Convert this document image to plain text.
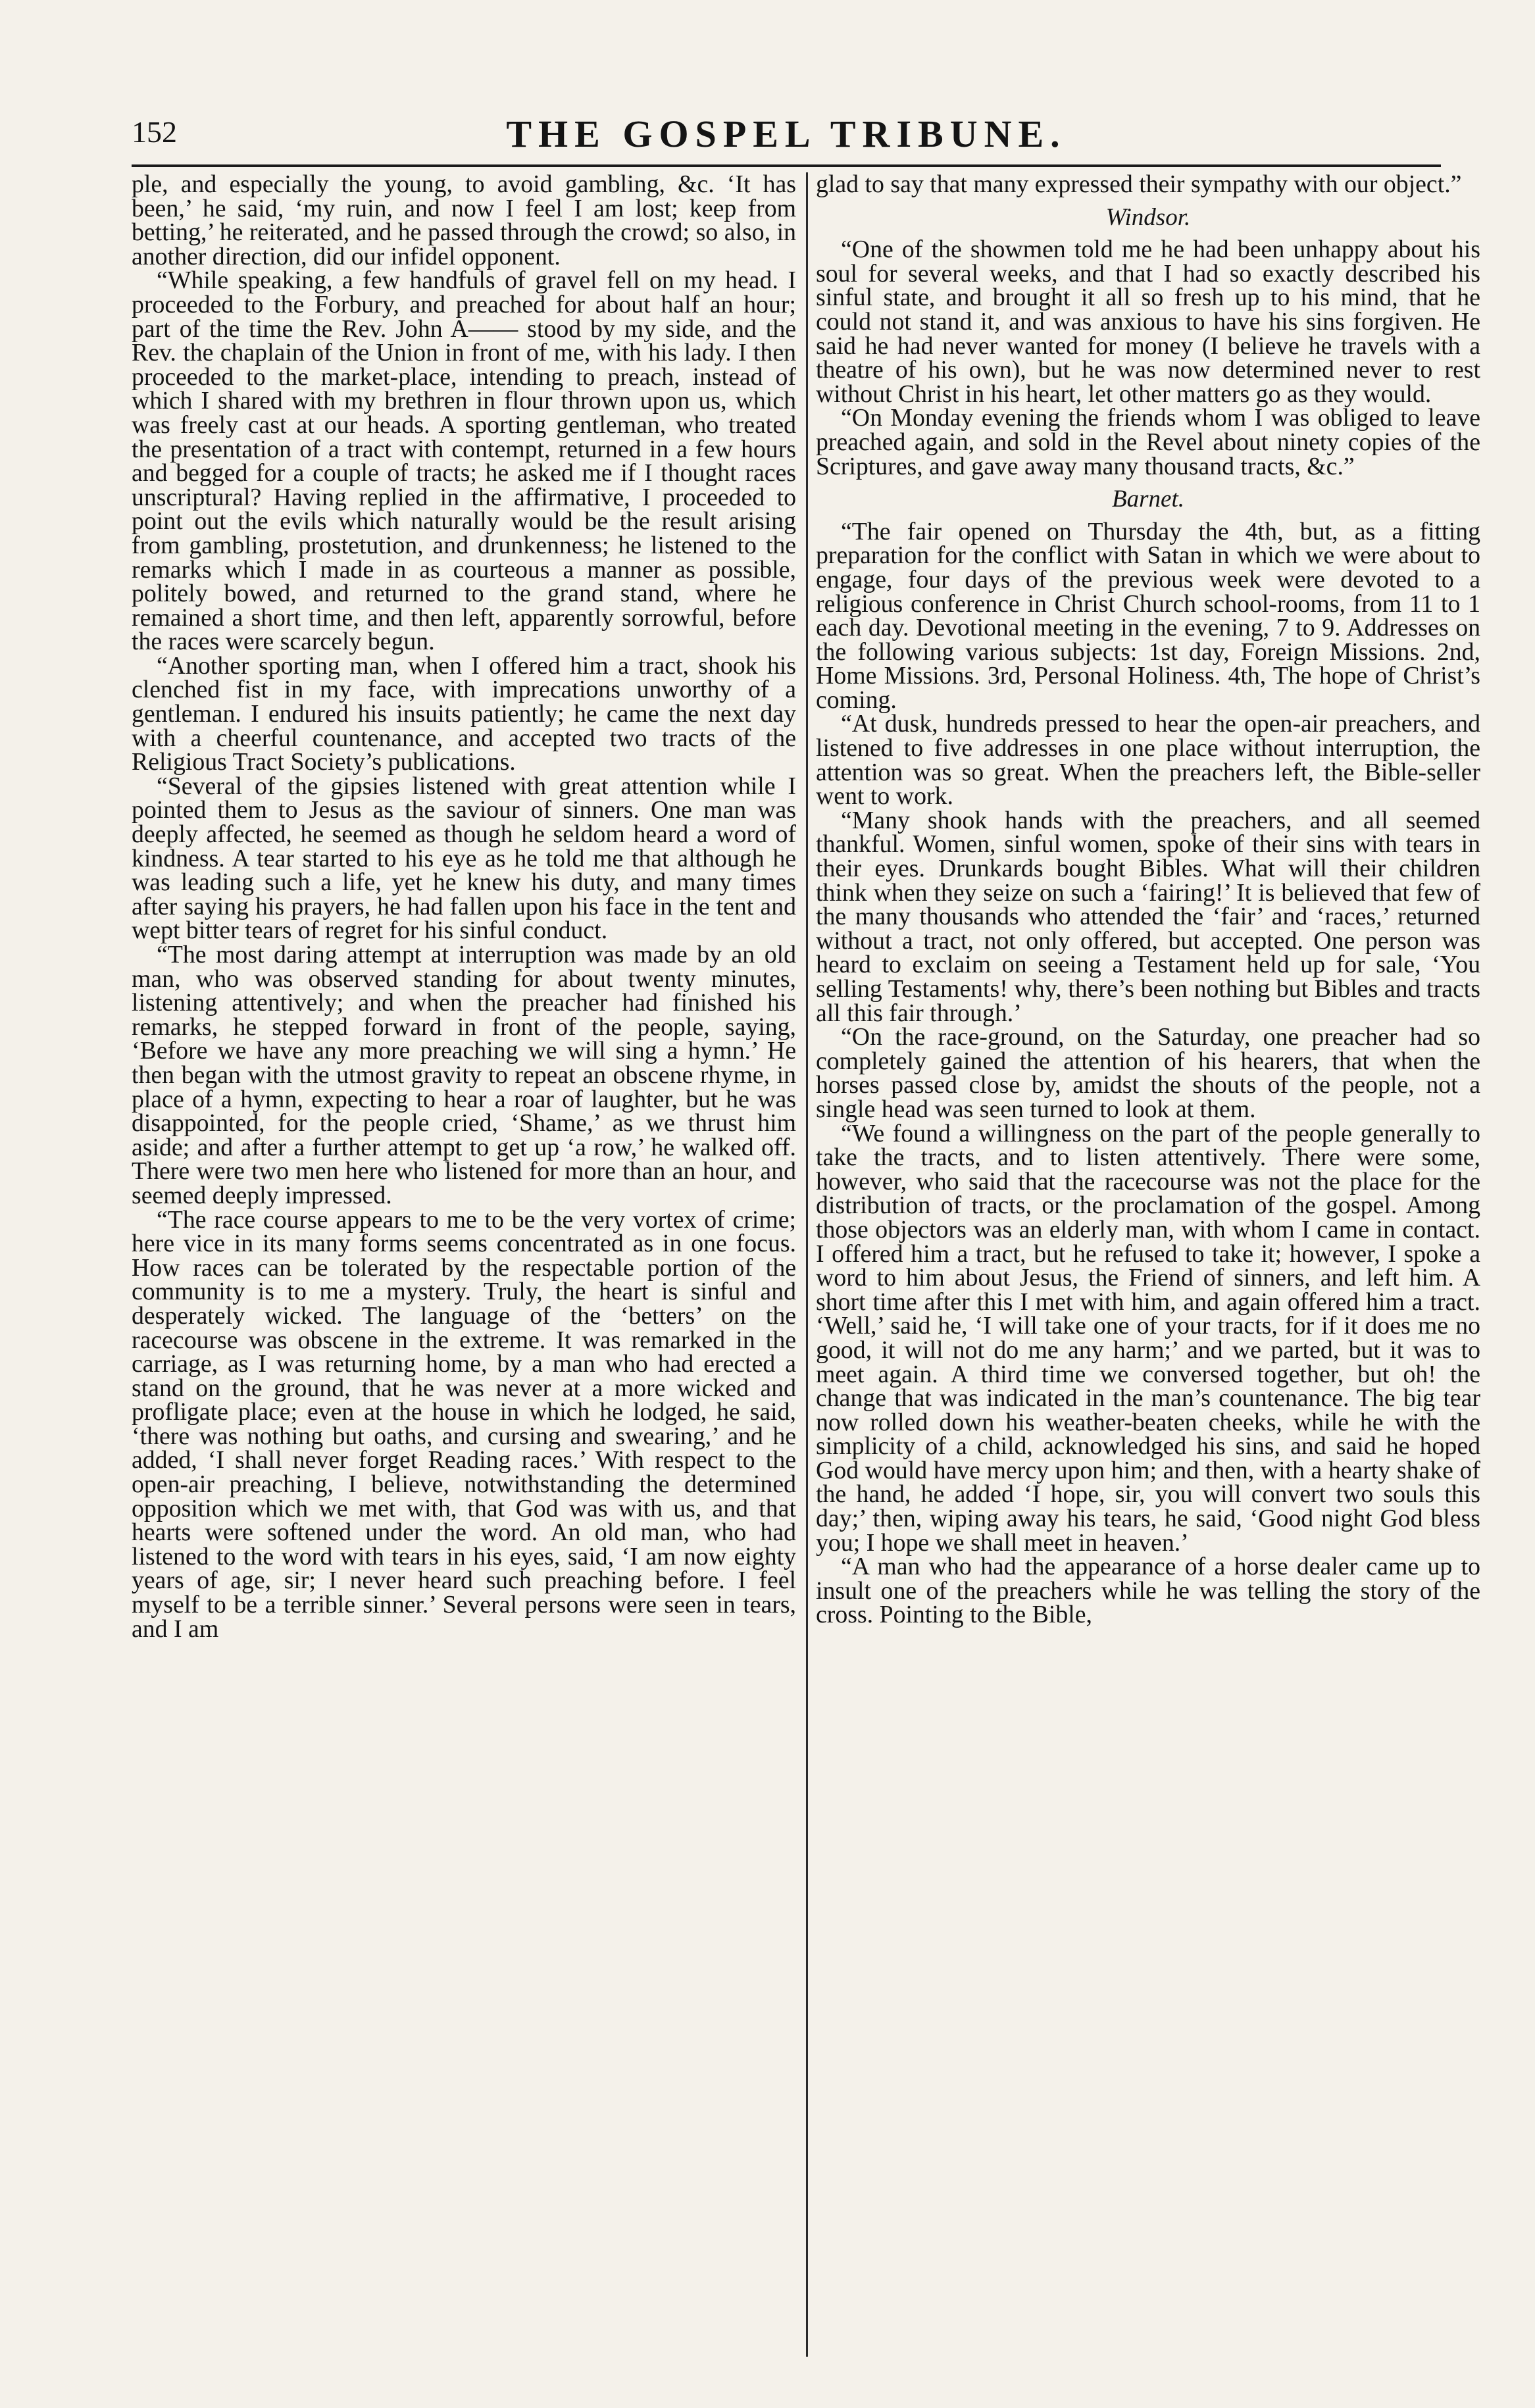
152	THE GOSPEL TRIBUNE.

ple, and especially the young, to avoid gambling, &c. ‘It has been,’ he said, ‘my ruin, and now I feel I am lost; keep from betting,’ he reiterated, and he passed through the crowd; so also, in another direction, did our infidel opponent.

“While speaking, a few handfuls of gravel fell on my head. I proceeded to the Forbury, and preached for about half an hour; part of the time the Rev. John A—— stood by my side, and the Rev. the chaplain of the Union in front of me, with his lady. I then proceeded to the market-place, intending to preach, instead of which I shared with my brethren in flour thrown upon us, which was freely cast at our heads. A sporting gentleman, who treated the presentation of a tract with contempt, returned in a few hours and begged for a couple of tracts; he asked me if I thought races unscriptural? Having replied in the affirmative, I proceeded to point out the evils which naturally would be the result arising from gambling, prostetution, and drunkenness; he listened to the remarks which I made in as courteous a manner as possible, politely bowed, and returned to the grand stand, where he remained a short time, and then left, apparently sorrowful, before the races were scarcely begun.

“Another sporting man, when I offered him a tract, shook his clenched fist in my face, with imprecations unworthy of a gentleman. I endured his insuits patiently; he came the next day with a cheerful countenance, and accepted two tracts of the Religious Tract Society’s publications.

“Several of the gipsies listened with great attention while I pointed them to Jesus as the saviour of sinners. One man was deeply affected, he seemed as though he seldom heard a word of kindness. A tear started to his eye as he told me that although he was leading such a life, yet he knew his duty, and many times after saying his prayers, he had fallen upon his face in the tent and wept bitter tears of regret for his sinful conduct.

“The most daring attempt at interruption was made by an old man, who was observed standing for about twenty minutes, listening attentively; and when the preacher had finished his remarks, he stepped forward in front of the people, saying, ‘Before we have any more preaching we will sing a hymn.’ He then began with the utmost gravity to repeat an obscene rhyme, in place of a hymn, expecting to hear a roar of laughter, but he was disappointed, for the people cried, ‘Shame,’ as we thrust him aside; and after a further attempt to get up ‘a row,’ he walked off. There were two men here who listened for more than an hour, and seemed deeply impressed.

“The race course appears to me to be the very vortex of crime; here vice in its many forms seems concentrated as in one focus. How races can be tolerated by the respectable portion of the community is to me a mystery. Truly, the heart is sinful and desperately wicked. The language of the ‘betters’ on the racecourse was obscene in the extreme. It was remarked in the carriage, as I was returning home, by a man who had erected a stand on the ground, that he was never at a more wicked and profligate place; even at the house in which he lodged, he said, ‘there was nothing but oaths, and cursing and swearing,’ and he added, ‘I shall never forget Reading races.’ With respect to the open-air preaching, I believe, notwithstanding the determined opposition which we met with, that God was with us, and that hearts were softened under the word. An old man, who had listened to the word with tears in his eyes, said, ‘I am now eighty years of age, sir; I never heard such preaching before. I feel myself to be a terrible sinner.’ Several persons were seen in tears, and I am

glad to say that many expressed their sympathy with our object.”

Windsor.

“One of the showmen told me he had been unhappy about his soul for several weeks, and that I had so exactly described his sinful state, and brought it all so fresh up to his mind, that he could not stand it, and was anxious to have his sins forgiven. He said he had never wanted for money (I believe he travels with a theatre of his own), but he was now determined never to rest without Christ in his heart, let other matters go as they would.

“On Monday evening the friends whom I was obliged to leave preached again, and sold in the Revel about ninety copies of the Scriptures, and gave away many thousand tracts, &c.”

Barnet.

“The fair opened on Thursday the 4th, but, as a fitting preparation for the conflict with Satan in which we were about to engage, four days of the previous week were devoted to a religious conference in Christ Church school-rooms, from 11 to 1 each day. Devotional meeting in the evening, 7 to 9. Addresses on the following various subjects: 1st day, Foreign Missions. 2nd, Home Missions. 3rd, Personal Holiness. 4th, The hope of Christ’s coming.

“At dusk, hundreds pressed to hear the open-air preachers, and listened to five addresses in one place without interruption, the attention was so great. When the preachers left, the Bible-seller went to work.

“Many shook hands with the preachers, and all seemed thankful. Women, sinful women, spoke of their sins with tears in their eyes. Drunkards bought Bibles. What will their children think when they seize on such a ‘fairing!’ It is believed that few of the many thousands who attended the ‘fair’ and ‘races,’ returned without a tract, not only offered, but accepted. One person was heard to exclaim on seeing a Testament held up for sale, ‘You selling Testaments! why, there’s been nothing but Bibles and tracts all this fair through.’

“On the race-ground, on the Saturday, one preacher had so completely gained the attention of his hearers, that when the horses passed close by, amidst the shouts of the people, not a single head was seen turned to look at them.

“We found a willingness on the part of the people generally to take the tracts, and to listen attentively. There were some, however, who said that the racecourse was not the place for the distribution of tracts, or the proclamation of the gospel. Among those objectors was an elderly man, with whom I came in contact. I offered him a tract, but he refused to take it; however, I spoke a word to him about Jesus, the Friend of sinners, and left him. A short time after this I met with him, and again offered him a tract. ‘Well,’ said he, ‘I will take one of your tracts, for if it does me no good, it will not do me any harm;’ and we parted, but it was to meet again. A third time we conversed together, but oh! the change that was indicated in the man’s countenance. The big tear now rolled down his weather-beaten cheeks, while he with the simplicity of a child, acknowledged his sins, and said he hoped God would have mercy upon him; and then, with a hearty shake of the hand, he added ‘I hope, sir, you will convert two souls this day;’ then, wiping away his tears, he said, ‘Good night God bless you; I hope we shall meet in heaven.’

“A man who had the appearance of a horse dealer came up to insult one of the preachers while he was telling the story of the cross. Pointing to the Bible,
